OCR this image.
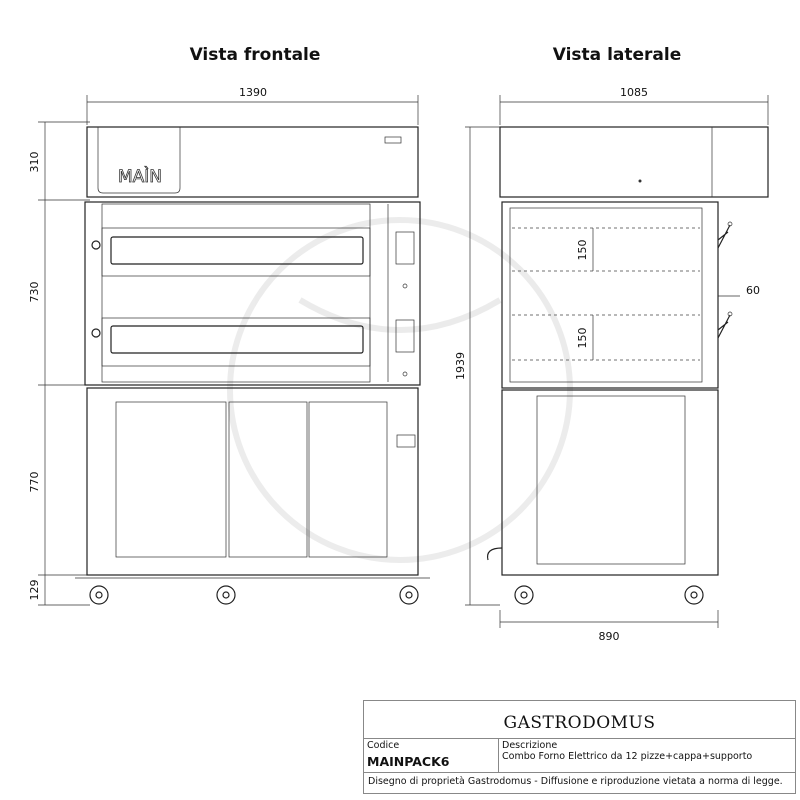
Vista frontale	Vista laterale
1390
310
730
770
129
MAÌN
1085
1939
150
150
60
890
GASTRODOMUS
Codice
MAINPACK6
Descrizione
Combo Forno Elettrico da 12 pizze+cappa+supporto
Disegno di proprietà Gastrodomus - Diffusione e riproduzione vietata a norma di legge.
